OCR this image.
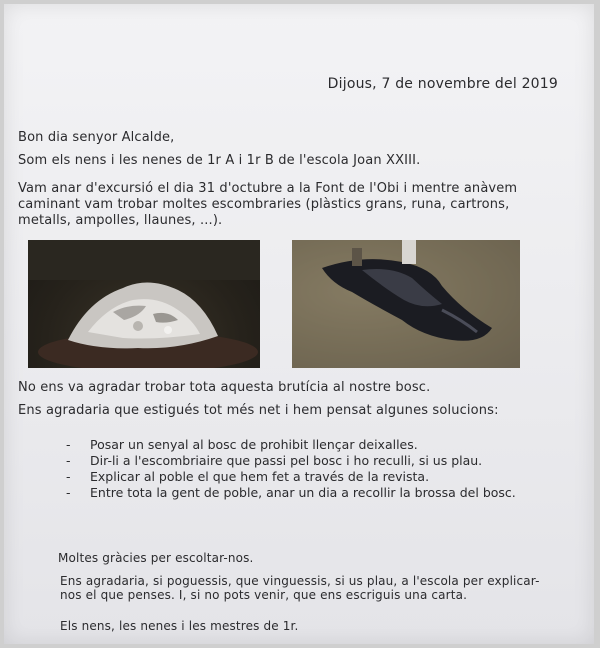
Dijous, 7 de novembre del 2019
Bon dia senyor Alcalde,
Som els nens i les nenes de 1r A i 1r B de l'escola Joan XXIII.
Vam anar d'excursió el dia 31 d'octubre a la Font de l'Obi i mentre anàvem caminant vam trobar moltes escombraries (plàstics grans, runa, cartrons, metalls, ampolles, llaunes, ...).
No ens va agradar trobar tota aquesta brutícia al nostre bosc.
Ens agradaria que estigués tot més net i hem pensat algunes solucions:
- Posar un senyal al bosc de prohibit llençar deixalles.
- Dir-li a l'escombriaire que passi pel bosc i ho reculli, si us plau.
- Explicar al poble el que hem fet a través de la revista.
- Entre tota la gent de poble, anar un dia a recollir la brossa del bosc.
Moltes gràcies per escoltar-nos.
Ens agradaria, si poguessis, que vinguessis, si us plau, a l'escola per explicar-nos el que penses. I, si no pots venir, que ens escriguis una carta.
Els nens, les nenes i les mestres de 1r.
